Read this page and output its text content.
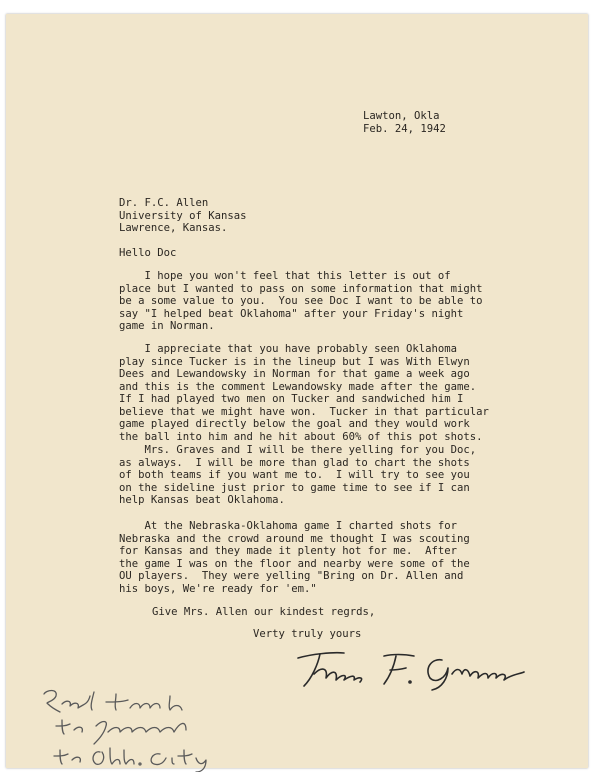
Lawton, Okla
Feb. 24, 1942
Dr. F.C. Allen
University of Kansas
Lawrence, Kansas.
Hello Doc
I hope you won't feel that this letter is out of
place but I wanted to pass on some information that might
be a some value to you.  You see Doc I want to be able to
say "I helped beat Oklahoma" after your Friday's night
game in Norman.
I appreciate that you have probably seen Oklahoma
play since Tucker is in the lineup but I was With Elwyn
Dees and Lewandowsky in Norman for that game a week ago
and this is the comment Lewandowsky made after the game.
If I had played two men on Tucker and sandwiched him I
believe that we might have won.  Tucker in that particular
game played directly below the goal and they would work
the ball into him and he hit about 60% of this pot shots.
Mrs. Graves and I will be there yelling for you Doc,
as always.  I will be more than glad to chart the shots
of both teams if you want me to.  I will try to see you
on the sideline just prior to game time to see if I can
help Kansas beat Oklahoma.
At the Nebraska-Oklahoma game I charted shots for
Nebraska and the crowd around me thought I was scouting
for Kansas and they made it plenty hot for me.  After
the game I was on the floor and nearby were some of the
OU players.  They were yelling "Bring on Dr. Allen and
his boys, We're ready for 'em."
Give Mrs. Allen our kindest regrds,
Verty truly yours
